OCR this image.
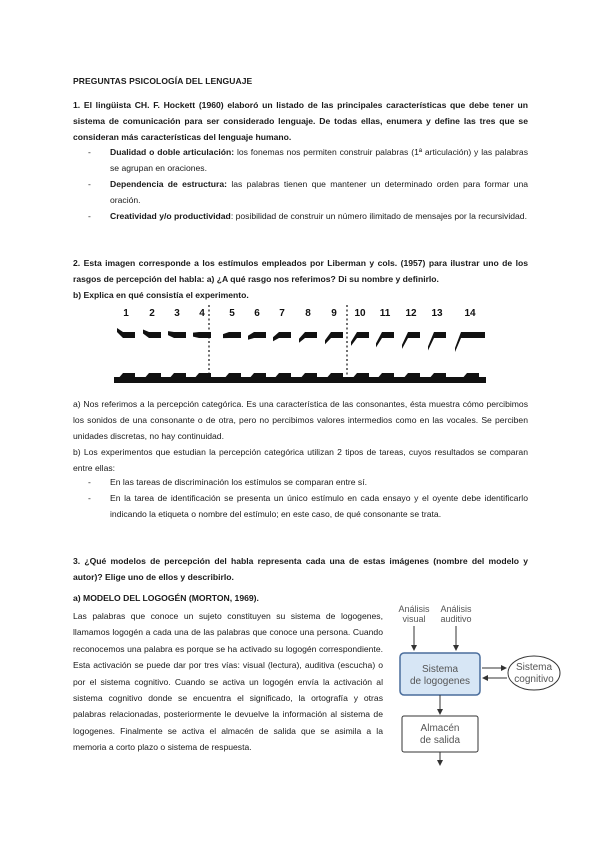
PREGUNTAS PSICOLOGÍA DEL LENGUAJE
1. El lingüista CH. F. Hockett (1960) elaboró un listado de las principales características que debe tener un sistema de comunicación para ser considerado lenguaje. De todas ellas, enumera y define las tres que se consideran más características del lenguaje humano.
- Dualidad o doble articulación: los fonemas nos permiten construir palabras (1ª articulación) y las palabras se agrupan en oraciones.
- Dependencia de estructura: las palabras tienen que mantener un determinado orden para formar una oración.
- Creatividad y/o productividad: posibilidad de construir un número ilimitado de mensajes por la recursividad.
2. Esta imagen corresponde a los estímulos empleados por Liberman y cols. (1957) para ilustrar uno de los rasgos de percepción del habla: a) ¿A qué rasgo nos referimos? Di su nombre y definirlo.
b) Explica en qué consistía el experimento.
1 2 3 4 5 6 7 8 9 10 11 12 13 14
a) Nos referimos a la percepción categórica. Es una característica de las consonantes, ésta muestra cómo percibimos los sonidos de una consonante o de otra, pero no percibimos valores intermedios como en las vocales. Se perciben unidades discretas, no hay continuidad.
b) Los experimentos que estudian la percepción categórica utilizan 2 tipos de tareas, cuyos resultados se comparan entre ellas:
- En las tareas de discriminación los estímulos se comparan entre sí.
- En la tarea de identificación se presenta un único estímulo en cada ensayo y el oyente debe identificarlo indicando la etiqueta o nombre del estímulo; en este caso, de qué consonante se trata.
3. ¿Qué modelos de percepción del habla representa cada una de estas imágenes (nombre del modelo y autor)? Elige uno de ellos y describirlo.
a) MODELO DEL LOGOGÉN (MORTON, 1969).
Las palabras que conoce un sujeto constituyen su sistema de logogenes, llamamos logogén a cada una de las palabras que conoce una persona. Cuando reconocemos una palabra es porque se ha activado su logogén correspondiente. Esta activación se puede dar por tres vías: visual (lectura), auditiva (escucha) o por el sistema cognitivo. Cuando se activa un logogén envía la activación al sistema cognitivo donde se encuentra el significado, la ortografía y otras palabras relacionadas, posteriormente le devuelve la información al sistema de logogenes. Finalmente se activa el almacén de salida que se asimila a la memoria a corto plazo o sistema de respuesta.
Análisis
visual
Análisis
auditivo
Sistema
de logogenes
Sistema
cognitivo
Almacén
de salida
